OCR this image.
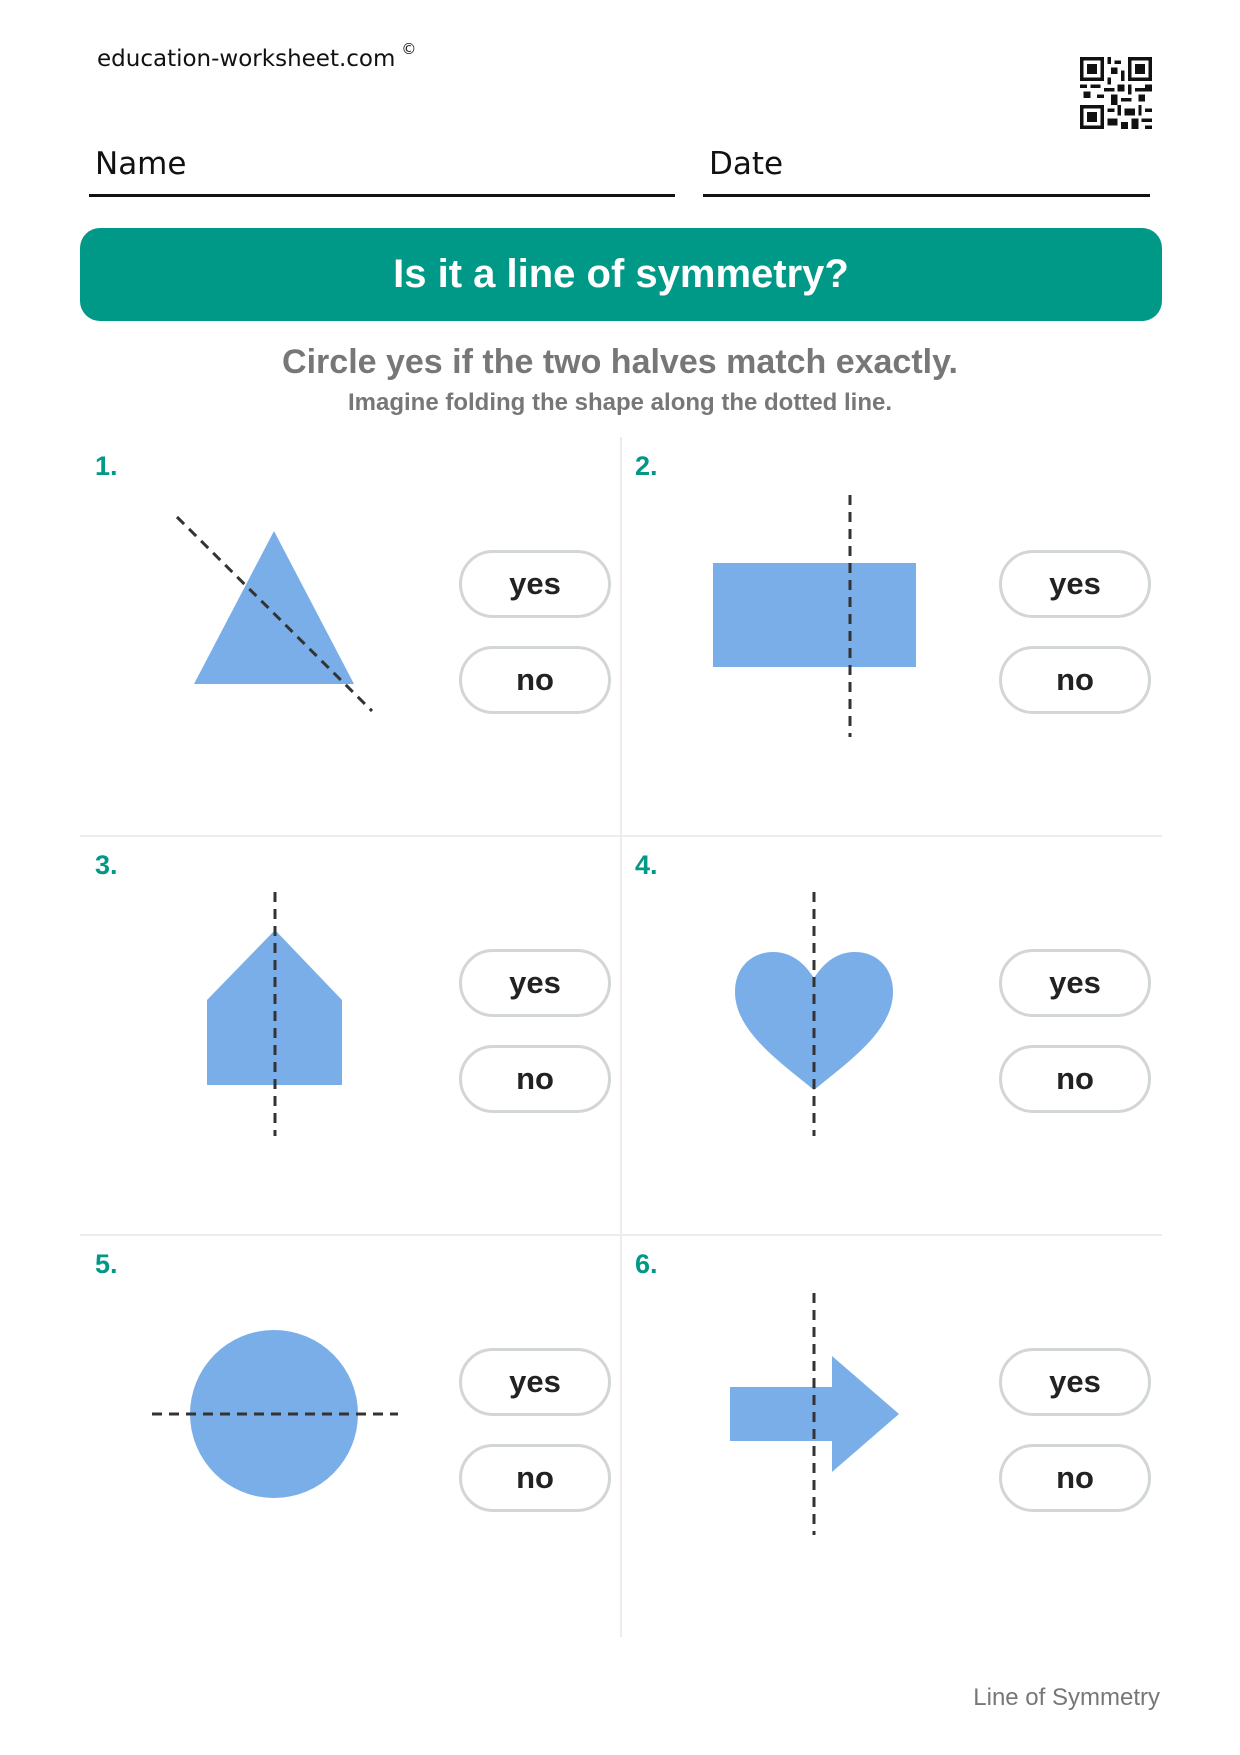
education-worksheet.com ©
Name	Date
Is it a line of symmetry?
Circle yes if the two halves match exactly.
Imagine folding the shape along the dotted line.
1.
yes
no
2.
yes
no
3.
yes
no
4.
yes
no
5.
yes
no
6.
yes
no
Line of Symmetry
